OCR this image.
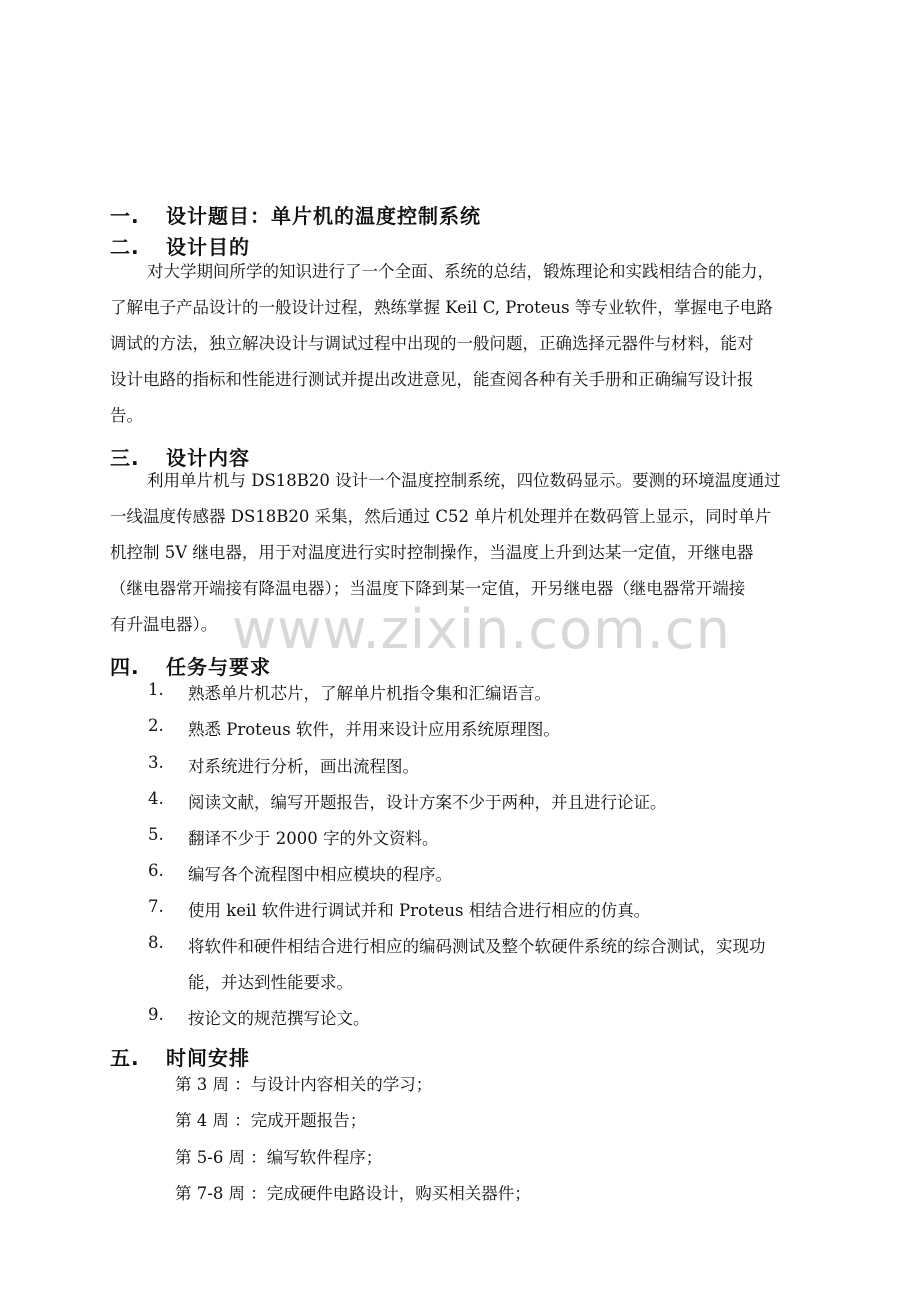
www.zixin.com.cn
一. 设计题目：单片机的温度控制系统
二. 设计目的
对大学期间所学的知识进行了一个全面、系统的总结，锻炼理论和实践相结合的能力，
了解电子产品设计的一般设计过程，熟练掌握 Keil C, Proteus 等专业软件，掌握电子电路
调试的方法，独立解决设计与调试过程中出现的一般问题，正确选择元器件与材料，能对
设计电路的指标和性能进行测试并提出改进意见，能查阅各种有关手册和正确编写设计报
告。
三. 设计内容
利用单片机与 DS18B20 设计一个温度控制系统，四位数码显示。要测的环境温度通过
一线温度传感器 DS18B20 采集，然后通过 C52 单片机处理并在数码管上显示，同时单片
机控制 5V 继电器，用于对温度进行实时控制操作，当温度上升到达某一定值，开继电器
（继电器常开端接有降温电器）；当温度下降到某一定值，开另继电器（继电器常开端接
有升温电器）。
四. 任务与要求
1. 熟悉单片机芯片，了解单片机指令集和汇编语言。
2. 熟悉 Proteus 软件，并用来设计应用系统原理图。
3. 对系统进行分析，画出流程图。
4. 阅读文献，编写开题报告，设计方案不少于两种，并且进行论证。
5. 翻译不少于 2000 字的外文资料。
6. 编写各个流程图中相应模块的程序。
7. 使用 keil 软件进行调试并和 Proteus 相结合进行相应的仿真。
8. 将软件和硬件相结合进行相应的编码测试及整个软硬件系统的综合测试，实现功
能，并达到性能要求。
9. 按论文的规范撰写论文。
五. 时间安排
第 3 周 ：与设计内容相关的学习；
第 4 周 ：完成开题报告；
第 5-6 周 ：编写软件程序；
第 7-8 周 ：完成硬件电路设计，购买相关器件；
